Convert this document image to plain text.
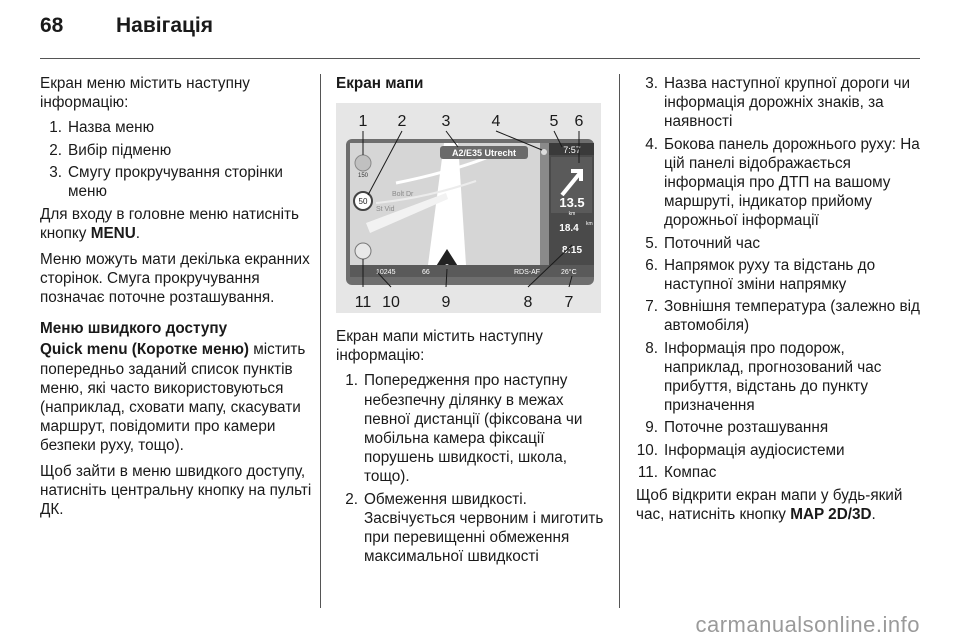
68	Навігація

Екран меню містить наступну інформацію:

1. Назва меню
2. Вибір підменю
3. Смугу прокручування сторінки меню

Для входу в головне меню натисніть кнопку MENU.

Меню можуть мати декілька екранних сторінок. Смуга прокручування позначає поточне розташування.

Меню швидкого доступу

Quick menu (Коротке меню) містить попередньо заданий список пунктів меню, які часто використовуються (наприклад, сховати мапу, скасувати маршрут, повідомити про камери безпеки руху, тощо).

Щоб зайти в меню швидкого доступу, натисніть центральну кнопку на пульті ДК.

Екран мапи

Bolt Dr
St Vid
150
50
A2/E35 Utrecht	7:57
13.5
km
18.4 km
8:15
10245	66	RDS-AF	26°C
1 2 3	4	5 6
11 10	9	8 7

Екран мапи містить наступну інформацію:

1. Попередження про наступну небезпечну ділянку в межах певної дистанції (фіксована чи мобільна камера фіксації порушень швидкості, школа, тощо).
2. Обмеження швидкості. Засвічується червоним і миготить при перевищенні обмеження максимальної швидкості
3. Назва наступної крупної дороги чи інформація дорожніх знаків, за наявності
4. Бокова панель дорожнього руху: На цій панелі відображається інформація про ДТП на вашому маршруті, індикатор прийому дорожньої інформації
5. Поточний час
6. Напрямок руху та відстань до наступної зміни напрямку
7. Зовнішня температура (залежно від автомобіля)
8. Інформація про подорож, наприклад, прогнозований час прибуття, відстань до пункту призначення
9. Поточне розташування
10. Інформація аудіосистеми
11. Компас

Щоб відкрити екран мапи у будь-який час, натисніть кнопку MAP 2D/3D.

carmanualsonline.info
